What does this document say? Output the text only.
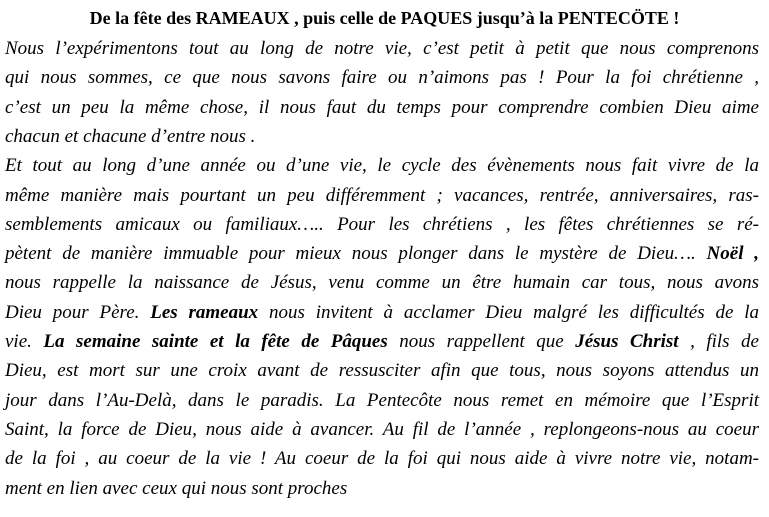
De la fête des RAMEAUX , puis celle de PAQUES jusqu’à la PENTECÖTE !
Nous l’expérimentons tout au long de notre vie, c’est petit à petit que nous comprenons
qui nous sommes, ce que nous savons faire ou n’aimons pas ! Pour la foi chrétienne ,
c’est un peu la même chose, il nous faut du temps pour comprendre combien Dieu aime
chacun et chacune d’entre nous .
Et tout au long d’une année ou d’une vie, le cycle des évènements nous fait vivre de la
même manière mais pourtant un peu différemment ; vacances, rentrée, anniversaires, ras-
semblements amicaux ou familiaux….. Pour les chrétiens , les fêtes chrétiennes se ré-
pètent de manière immuable pour mieux nous plonger dans le mystère de Dieu…. Noël ,
nous rappelle la naissance de Jésus, venu comme un être humain car tous, nous avons
Dieu pour Père. Les rameaux nous invitent à acclamer Dieu malgré les difficultés de la
vie. La semaine sainte et la fête de Pâques nous rappellent que Jésus Christ , fils de
Dieu, est mort sur une croix avant de ressusciter afin que tous, nous soyons attendus un
jour dans l’Au-Delà, dans le paradis. La Pentecôte nous remet en mémoire que l’Esprit
Saint, la force de Dieu, nous aide à avancer. Au fil de l’année , replongeons-nous au coeur
de la foi , au coeur de la vie ! Au coeur de la foi qui nous aide à vivre notre vie, notam-
ment en lien avec ceux qui nous sont proches
